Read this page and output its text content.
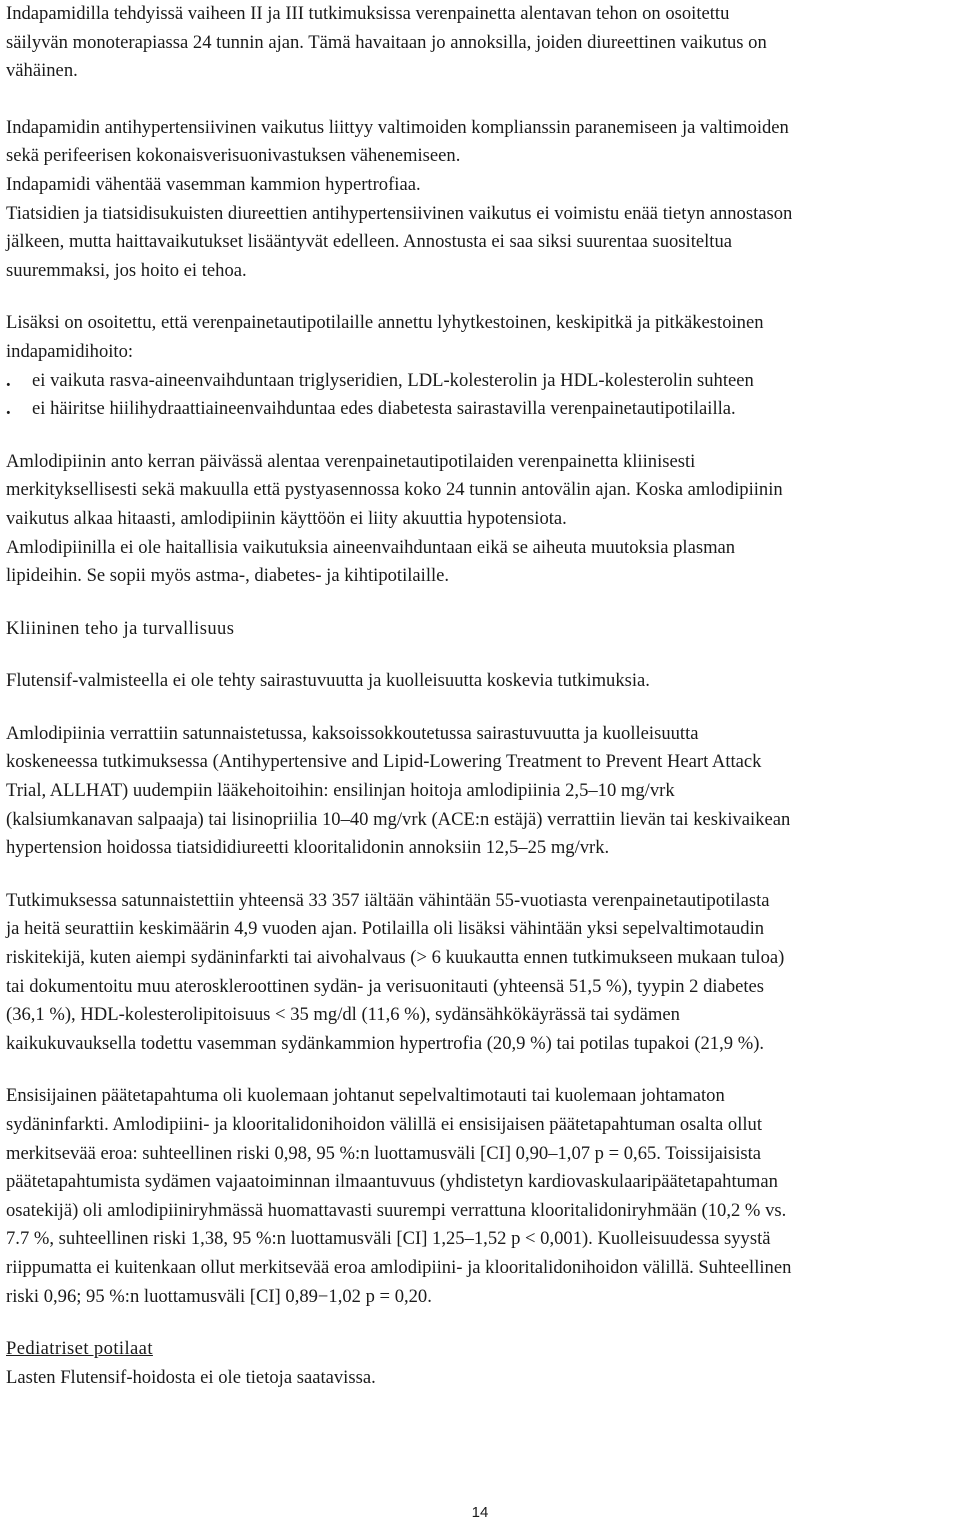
Indapamidilla tehdyissä vaiheen II ja III tutkimuksissa verenpainetta alentavan tehon on osoitettu
säilyvän monoterapiassa 24 tunnin ajan. Tämä havaitaan jo annoksilla, joiden diureettinen vaikutus on
vähäinen.

Indapamidin antihypertensiivinen vaikutus liittyy valtimoiden komplianssin paranemiseen ja valtimoiden
sekä perifeerisen kokonaisverisuonivastuksen vähenemiseen.
Indapamidi vähentää vasemman kammion hypertrofiaa.
Tiatsidien ja tiatsidisukuisten diureettien antihypertensiivinen vaikutus ei voimistu enää tietyn annostason
jälkeen, mutta haittavaikutukset lisääntyvät edelleen. Annostusta ei saa siksi suurentaa suositeltua
suuremmaksi, jos hoito ei tehoa.

Lisäksi on osoitettu, että verenpainetautipotilaille annettu lyhytkestoinen, keskipitkä ja pitkäkestoinen
indapamidihoito:

.	ei vaikuta rasva-aineenvaihduntaan triglyseridien, LDL-kolesterolin ja HDL-kolesterolin suhteen
.	ei häiritse hiilihydraattiaineenvaihduntaa edes diabetesta sairastavilla verenpainetautipotilailla.

Amlodipiinin anto kerran päivässä alentaa verenpainetautipotilaiden verenpainetta kliinisesti
merkityksellisesti sekä makuulla että pystyasennossa koko 24 tunnin antovälin ajan. Koska amlodipiinin
vaikutus alkaa hitaasti, amlodipiinin käyttöön ei liity akuuttia hypotensiota.
Amlodipiinilla ei ole haitallisia vaikutuksia aineenvaihduntaan eikä se aiheuta muutoksia plasman
lipideihin. Se sopii myös astma-, diabetes- ja kihtipotilaille.

Kliininen teho ja turvallisuus

Flutensif-valmisteella ei ole tehty sairastuvuutta ja kuolleisuutta koskevia tutkimuksia.

Amlodipiinia verrattiin satunnaistetussa, kaksoissokkoutetussa sairastuvuutta ja kuolleisuutta
koskeneessa tutkimuksessa (Antihypertensive and Lipid-Lowering Treatment to Prevent Heart Attack
Trial, ALLHAT) uudempiin lääkehoitoihin: ensilinjan hoitoja amlodipiinia 2,5–10 mg/vrk
(kalsiumkanavan salpaaja) tai lisinopriilia 10–40 mg/vrk (ACE:n estäjä) verrattiin lievän tai keskivaikean
hypertension hoidossa tiatsididiureetti klooritalidonin annoksiin 12,5–25 mg/vrk.

Tutkimuksessa satunnaistettiin yhteensä 33 357 iältään vähintään 55-vuotiasta verenpainetautipotilasta
ja heitä seurattiin keskimäärin 4,9 vuoden ajan. Potilailla oli lisäksi vähintään yksi sepelvaltimotaudin
riskitekijä, kuten aiempi sydäninfarkti tai aivohalvaus (> 6 kuukautta ennen tutkimukseen mukaan tuloa)
tai dokumentoitu muu ateroskleroottinen sydän- ja verisuonitauti (yhteensä 51,5 %), tyypin 2 diabetes
(36,1 %), HDL-kolesterolipitoisuus < 35 mg/dl (11,6 %), sydänsähkökäyrässä tai sydämen
kaikukuvauksella todettu vasemman sydänkammion hypertrofia (20,9 %) tai potilas tupakoi (21,9 %).

Ensisijainen päätetapahtuma oli kuolemaan johtanut sepelvaltimotauti tai kuolemaan johtamaton
sydäninfarkti. Amlodipiini- ja klooritalidonihoidon välillä ei ensisijaisen päätetapahtuman osalta ollut
merkitsevää eroa: suhteellinen riski 0,98, 95 %:n luottamusväli [CI] 0,90–1,07 p = 0,65. Toissijaisista
päätetapahtumista sydämen vajaatoiminnan ilmaantuvuus (yhdistetyn kardiovaskulaaripäätetapahtuman
osatekijä) oli amlodipiiniryhmässä huomattavasti suurempi verrattuna klooritalidoniryhmään (10,2 % vs.
7.7 %, suhteellinen riski 1,38, 95 %:n luottamusväli [CI] 1,25–1,52 p < 0,001). Kuolleisuudessa syystä
riippumatta ei kuitenkaan ollut merkitsevää eroa amlodipiini- ja klooritalidonihoidon välillä. Suhteellinen
riski 0,96; 95 %:n luottamusväli [CI] 0,89−1,02 p = 0,20.

Pediatriset potilaat

Lasten Flutensif-hoidosta ei ole tietoja saatavissa.

14
